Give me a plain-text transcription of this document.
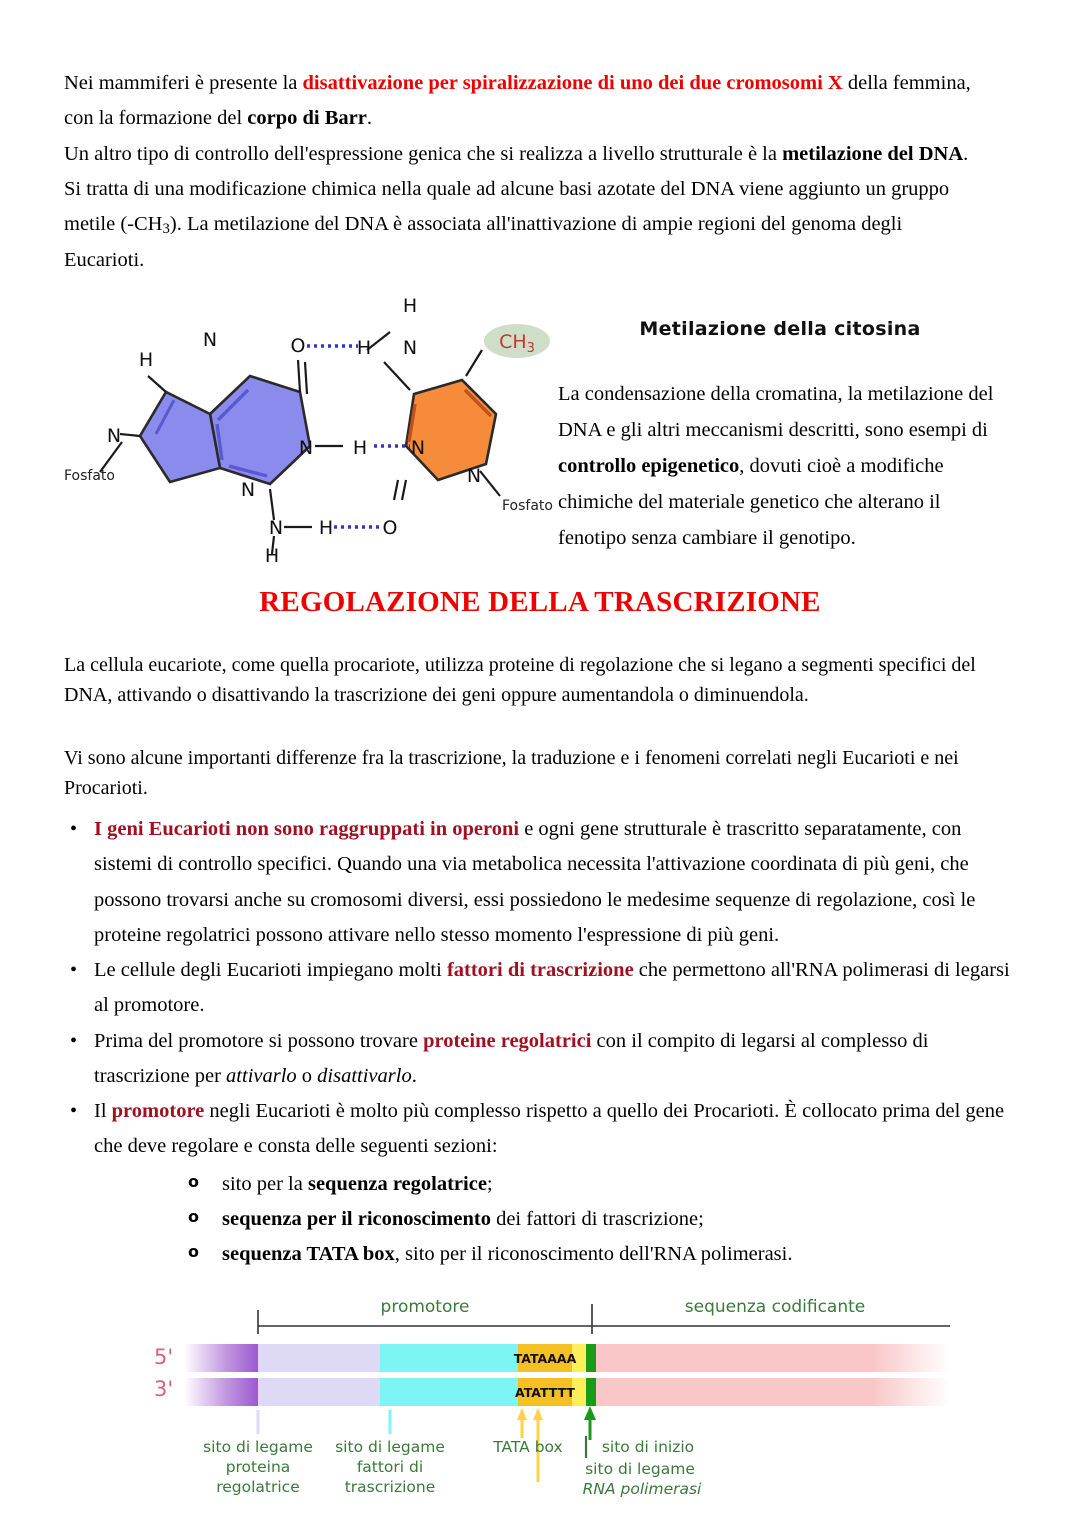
Nei mammiferi è presente la disattivazione per spiralizzazione di uno dei due cromosomi X della femmina, con la formazione del corpo di Barr.

Un altro tipo di controllo dell'espressione genica che si realizza a livello strutturale è la metilazione del DNA. Si tratta di una modificazione chimica nella quale ad alcune basi azotate del DNA viene aggiunto un gruppo metile $(-CH_3)$. La metilazione del DNA è associata all'inattivazione di ampie regioni del genoma degli Eucarioti.

H
N
N
O	H N
H
N H N
N
N H	O
H
N
$CH_3$
Fosfato
Fosfato
Metilazione della citosina
La condensazione della cromatina, la metilazione del DNA e gli altri meccanismi descritti, sono esempi di controllo epigenetico, dovuti cioè a modifiche chimiche del materiale genetico che alterano il fenotipo senza cambiare il genotipo.
REGOLAZIONE DELLA TRASCRIZIONE
La cellula eucariote, come quella procariote, utilizza proteine di regolazione che si legano a segmenti specifici del DNA, attivando o disattivando la trascrizione dei geni oppure aumentandola o diminuendola.
Vi sono alcune importanti differenze fra la trascrizione, la traduzione e i fenomeni correlati negli Eucarioti e nei Procarioti.
• I geni Eucarioti non sono raggruppati in operoni e ogni gene strutturale è trascritto separatamente, con sistemi di controllo specifici. Quando una via metabolica necessita l'attivazione coordinata di più geni, che possono trovarsi anche su cromosomi diversi, essi possiedono le medesime sequenze di regolazione, così le proteine regolatrici possono attivare nello stesso momento l'espressione di più geni.
• Le cellule degli Eucarioti impiegano molti fattori di trascrizione che permettono all'RNA polimerasi di legarsi al promotore.
• Prima del promotore si possono trovare proteine regolatrici con il compito di legarsi al complesso di trascrizione per attivarlo o disattivarlo.
• Il promotore negli Eucarioti è molto più complesso rispetto a quello dei Procarioti. È collocato prima del gene che deve regolare e consta delle seguenti sezioni:
o sito per la sequenza regolatrice;
o sequenza per il riconoscimento dei fattori di trascrizione;
o sequenza TATA box, sito per il riconoscimento dell'RNA polimerasi.
promotore	sequenza codificante
5'
3'
TATAAAA
ATATTTT
sito di legame
proteina
regolatrice
sito di legame
fattori di
trascrizione
TATA box	sito di inizio
sito di legame
RNA polimerasi
